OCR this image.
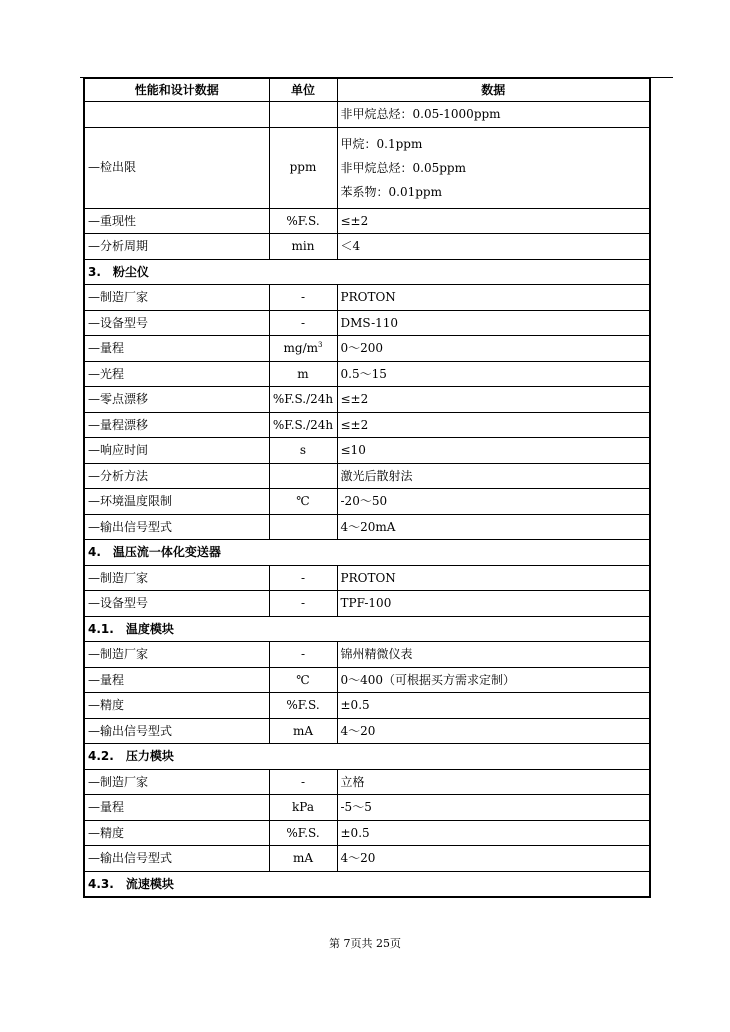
性能和设计数据	单位	数据
		非甲烷总烃：0.05-1000ppm
—检出限	ppm	甲烷：0.1ppm
非甲烷总烃：0.05ppm
苯系物：0.01ppm

—重现性	%F.S.	≤±2
—分析周期	min	＜4
3.　粉尘仪		
—制造厂家	-	PROTON
—设备型号	-	DMS-110
—量程	$mg/m^3$	0～200
—光程	m	0.5～15
—零点漂移	%F.S./24h	≤±2
—量程漂移	%F.S./24h	≤±2
—响应时间	s	≤10
—分析方法		激光后散射法
—环境温度限制	℃	-20～50
—输出信号型式		4～20mA
4.　温压流一体化变送器		
—制造厂家	-	PROTON
—设备型号	-	TPF-100
4.1.　温度模块		
—制造厂家	-	锦州精微仪表
—量程	℃	0～400（可根据买方需求定制）
—精度	%F.S.	±0.5
—输出信号型式	mA	4～20
4.2.　压力模块		
—制造厂家	-	立格
—量程	kPa	-5～5
—精度	%F.S.	±0.5
—输出信号型式	mA	4～20
4.3.　流速模块		
第 7页共 25页
